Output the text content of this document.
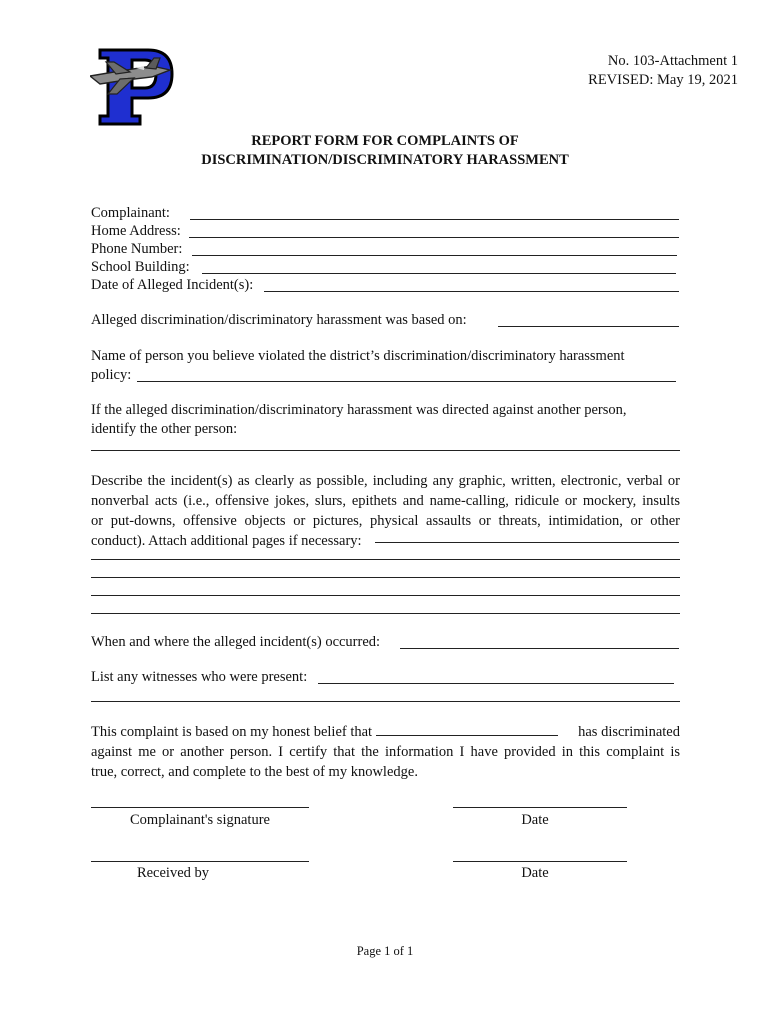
No. 103-Attachment 1
REVISED: May 19, 2021
REPORT FORM FOR COMPLAINTS OF
DISCRIMINATION/DISCRIMINATORY HARASSMENT
Complainant:
Home Address:
Phone Number:
School Building:
Date of Alleged Incident(s):
Alleged discrimination/discriminatory harassment was based on:
Name of person you believe violated the district’s discrimination/discriminatory harassment
policy:
If the alleged discrimination/discriminatory harassment was directed against another person,
identify the other person:
Describe the incident(s) as clearly as possible, including any graphic, written, electronic, verbal or
nonverbal acts (i.e., offensive jokes, slurs, epithets and name-calling, ridicule or mockery, insults
or put-downs, offensive objects or pictures, physical assaults or threats, intimidation, or other
conduct). Attach additional pages if necessary:
When and where the alleged incident(s) occurred:
List any witnesses who were present:
This complaint is based on my honest belief that	has discriminated
against me or another person. I certify that the information I have provided in this complaint is
true, correct, and complete to the best of my knowledge.
Complainant's signature	Date
Received by	Date
Page 1 of 1
